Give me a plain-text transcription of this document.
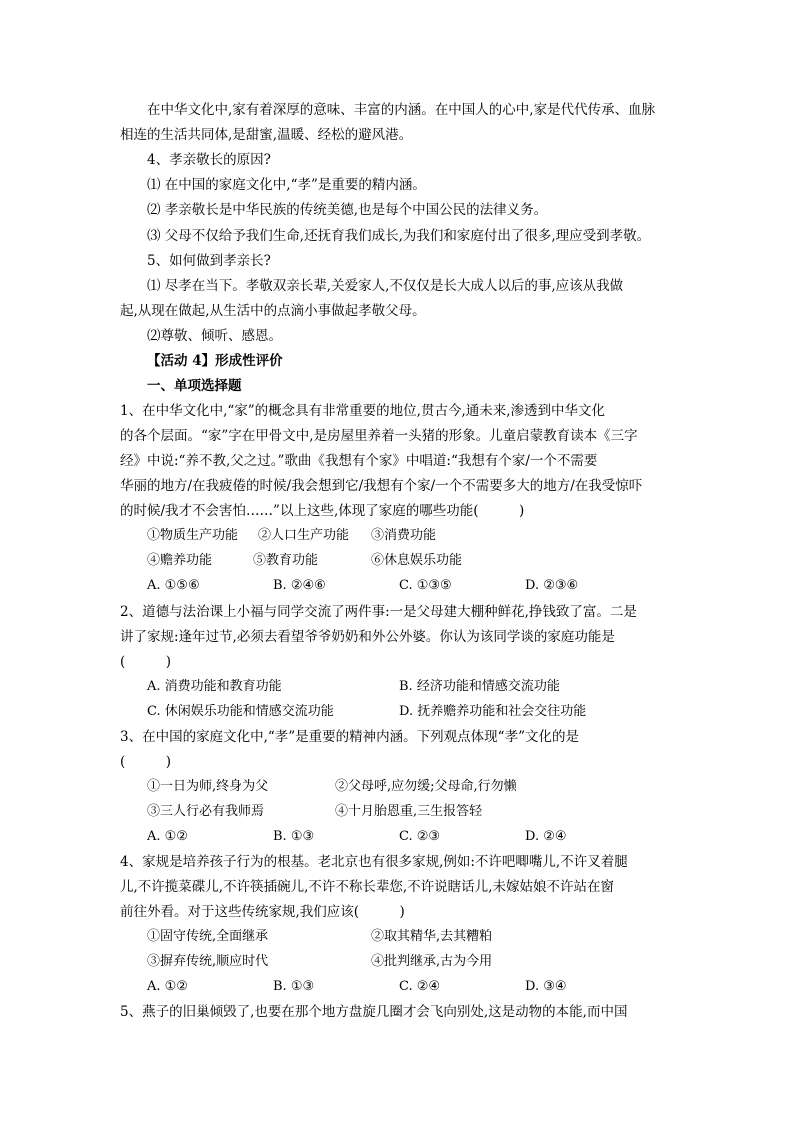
在中华文化中,家有着深厚的意味、丰富的内涵。在中国人的心中,家是代代传承、血脉
相连的生活共同体,是甜蜜,温暖、经松的避风港。
4、孝亲敬长的原因?
⑴ 在中国的家庭文化中,“孝”是重要的精内涵。
⑵ 孝亲敬长是中华民族的传统美德,也是每个中国公民的法律义务。
⑶ 父母不仅给予我们生命,还抚育我们成长,为我们和家庭付出了很多,理应受到孝敬。
5、如何做到孝亲长?
⑴ 尽孝在当下。孝敬双亲长辈,关爱家人,不仅仅是长大成人以后的事,应该从我做
起,从现在做起,从生活中的点滴小事做起孝敬父母。
⑵尊敬、倾听、感恩。
【活动 4】形成性评价
一、单项选择题
1、在中华文化中,“家”的概念具有非常重要的地位,贯古今,通未来,渗透到中华文化
的各个层面。“家”字在甲骨文中,是房屋里养着一头猪的形象。儿童启蒙教育读本《三字
经》中说:“养不教,父之过。”歌曲《我想有个家》中唱道:“我想有个家/一个不需要
华丽的地方/在我疲倦的时候/我会想到它/我想有个家/一个不需要多大的地方/在我受惊吓
的时候/我才不会害怕……”以上这些,体现了家庭的哪些功能(　　　)
①物质生产功能 ②人口生产功能 ③消费功能
④赡养功能	⑤教育功能	⑥休息娱乐功能
A. ①⑤⑥	B. ②④⑥	C. ①③⑤	D. ②③⑥
2、道德与法治课上小福与同学交流了两件事:一是父母建大棚种鲜花,挣钱致了富。二是
讲了家规:逢年过节,必须去看望爷爷奶奶和外公外婆。你认为该同学谈的家庭功能是
(　　　)
A. 消费功能和教育功能	B. 经济功能和情感交流功能
C. 休闲娱乐功能和情感交流功能	D. 抚养赡养功能和社会交往功能
3、在中国的家庭文化中,“孝”是重要的精神内涵。下列观点体现“孝”文化的是
(　　　)
①一日为师,终身为父	②父母呼,应勿缓;父母命,行勿懒
③三人行必有我师焉	④十月胎恩重,三生报答轻
A. ①②	B. ①③	C. ②③	D. ②④
4、家规是培养孩子行为的根基。老北京也有很多家规,例如:不许吧唧嘴儿,不许叉着腿
儿,不许揽菜碟儿,不许筷插碗儿,不许不称长辈您,不许说瞎话儿,未嫁姑娘不许站在窗
前往外看。对于这些传统家规,我们应该(　　　)
①固守传统,全面继承	②取其精华,去其糟粕
③摒弃传统,顺应时代	④批判继承,古为今用
A. ①②	B. ①③	C. ②④	D. ③④
5、燕子的旧巢倾毁了,也要在那个地方盘旋几圈才会飞向别处,这是动物的本能,而中国
